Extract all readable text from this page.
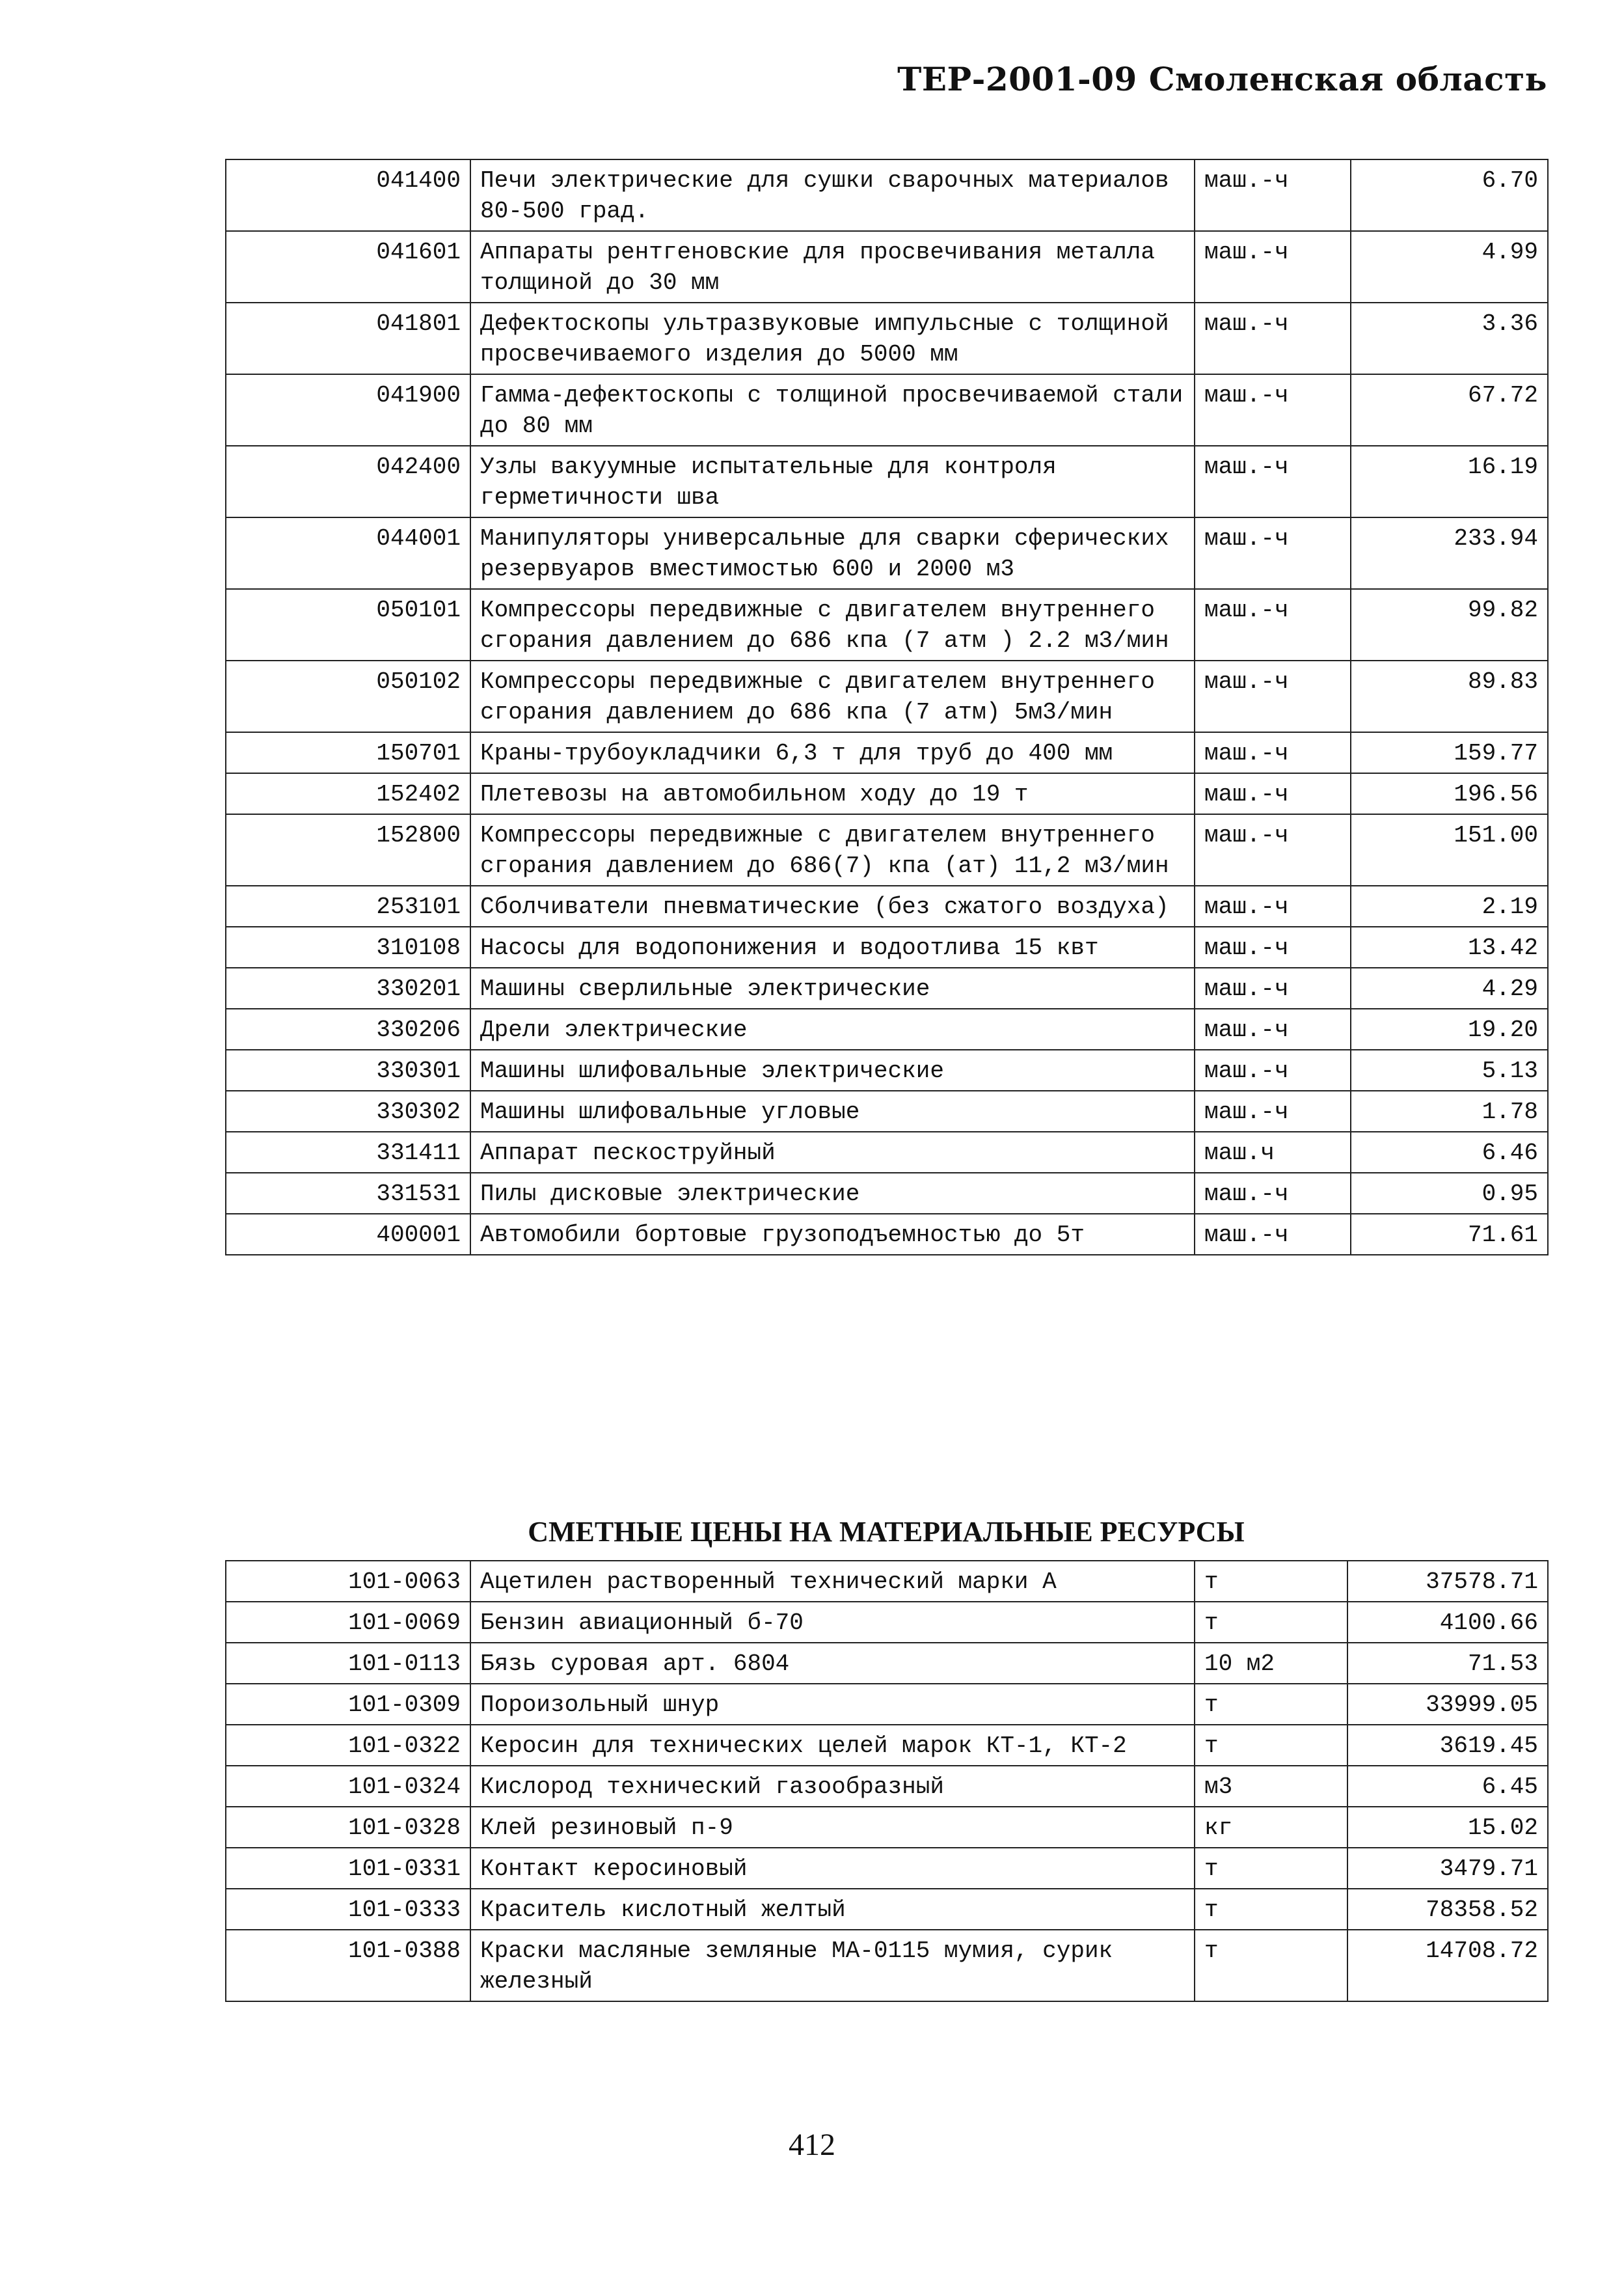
ТЕР-2001-09 Смоленская область
041400	Печи электрические для сушки сварочных материалов 80-500 град.	маш.-ч	6.70
041601	Аппараты рентгеновские для просвечивания металла толщиной до 30 мм	маш.-ч	4.99
041801	Дефектоскопы ультразвуковые импульсные с толщиной просвечиваемого изделия до 5000 мм	маш.-ч	3.36
041900	Гамма-дефектоскопы с толщиной просвечиваемой стали до 80 мм	маш.-ч	67.72
042400	Узлы вакуумные испытательные для контроля герметичности шва	маш.-ч	16.19
044001	Манипуляторы универсальные для сварки сферических резервуаров вместимостью 600 и 2000 м3	маш.-ч	233.94
050101	Компрессоры передвижные с двигателем внутреннего сгорания давлением до 686 кпа (7 атм ) 2.2 м3/мин	маш.-ч	99.82
050102	Компрессоры передвижные с двигателем внутреннего сгорания давлением до 686 кпа (7 атм) 5м3/мин	маш.-ч	89.83
150701	Краны-трубоукладчики 6,3 т для труб до 400 мм	маш.-ч	159.77
152402	Плетевозы на автомобильном ходу до 19 т	маш.-ч	196.56
152800	Компрессоры передвижные с двигателем внутреннего сгорания давлением до 686(7) кпа (ат) 11,2 м3/мин	маш.-ч	151.00
253101	Сболчиватели пневматические (без сжатого воздуха)	маш.-ч	2.19
310108	Насосы для водопонижения и водоотлива 15 квт	маш.-ч	13.42
330201	Машины сверлильные электрические	маш.-ч	4.29
330206	Дрели электрические	маш.-ч	19.20
330301	Машины шлифовальные электрические	маш.-ч	5.13
330302	Машины шлифовальные угловые	маш.-ч	1.78
331411	Аппарат пескоструйный	маш.ч	6.46
331531	Пилы дисковые электрические	маш.-ч	0.95
400001	Автомобили бортовые грузоподъемностью до 5т	маш.-ч	71.61
СМЕТНЫЕ ЦЕНЫ НА МАТЕРИАЛЬНЫЕ РЕСУРСЫ
101-0063	Ацетилен растворенный технический марки А	т	37578.71
101-0069	Бензин авиационный б-70	т	4100.66
101-0113	Бязь суровая арт. 6804	10 м2	71.53
101-0309	Пороизольный шнур	т	33999.05
101-0322	Керосин для технических целей марок КТ-1, КТ-2	т	3619.45
101-0324	Кислород технический газообразный	м3	6.45
101-0328	Клей резиновый п-9	кг	15.02
101-0331	Контакт керосиновый	т	3479.71
101-0333	Краситель кислотный желтый	т	78358.52
101-0388	Краски масляные земляные МА-0115 мумия, сурик железный	т	14708.72
412
